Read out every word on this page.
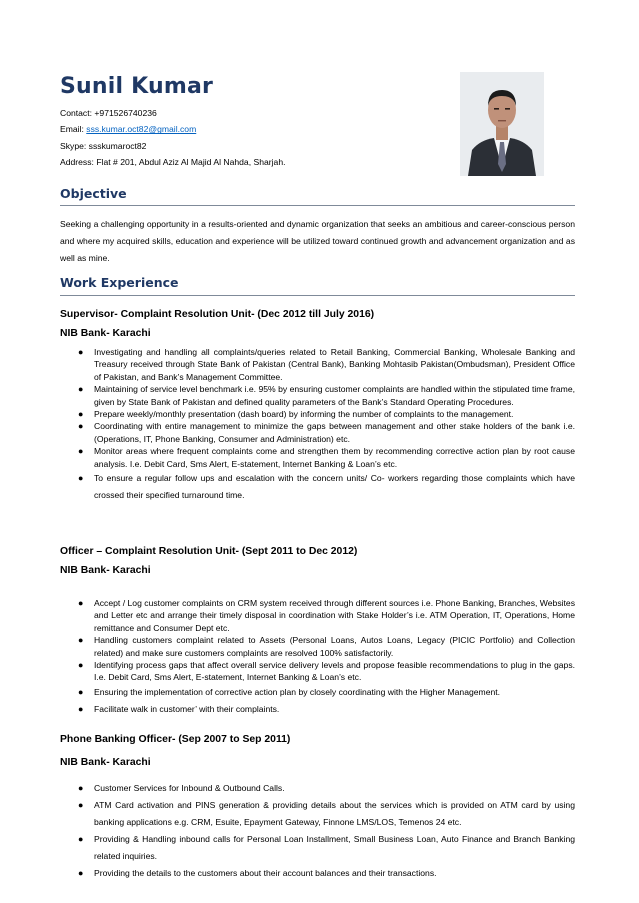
Sunil Kumar
Contact: +971526740236
Email: sss.kumar.oct82@gmail.com
Skype: ssskumaroct82
Address: Flat # 201, Abdul Aziz Al Majid Al Nahda, Sharjah.
Objective
Seeking a challenging opportunity in a results-oriented and dynamic organization that seeks an ambitious and career-conscious person and where my acquired skills, education and experience will be utilized toward continued growth and advancement organization and as well as mine.
Work Experience
Supervisor- Complaint Resolution Unit- (Dec 2012 till July 2016)
NIB Bank- Karachi
● Investigating and handling all complaints/queries related to Retail Banking, Commercial Banking, Wholesale Banking and Treasury received through State Bank of Pakistan (Central Bank), Banking Mohtasib Pakistan(Ombudsman), President Office of Pakistan, and Bank’s Management Committee.
● Maintaining of service level benchmark i.e. 95% by ensuring customer complaints are handled within the stipulated time frame, given by State Bank of Pakistan and defined quality parameters of the Bank’s Standard Operating Procedures.
● Prepare weekly/monthly presentation (dash board) by informing the number of complaints to the management.
● Coordinating with entire management to minimize the gaps between management and other stake holders of the bank i.e. (Operations, IT, Phone Banking, Consumer and Administration) etc.
● Monitor areas where frequent complaints come and strengthen them by recommending corrective action plan by root cause analysis. I.e. Debit Card, Sms Alert, E-statement, Internet Banking & Loan’s etc.
● To ensure a regular follow ups and escalation with the concern units/ Co- workers regarding those complaints which have crossed their specified turnaround time.
Officer – Complaint Resolution Unit- (Sept 2011 to Dec 2012)
NIB Bank- Karachi
● Accept / Log customer complaints on CRM system received through different sources i.e. Phone Banking, Branches, Websites and Letter etc and arrange their timely disposal in coordination with Stake Holder’s i.e. ATM Operation, IT, Operations, Home remittance and Consumer Dept etc.
● Handling customers complaint related to Assets (Personal Loans, Autos Loans, Legacy (PICIC Portfolio) and Collection related) and make sure customers complaints are resolved 100% satisfactorily.
● Identifying process gaps that affect overall service delivery levels and propose feasible recommendations to plug in the gaps. I.e. Debit Card, Sms Alert, E-statement, Internet Banking & Loan’s etc.
● Ensuring the implementation of corrective action plan by closely coordinating with the Higher Management.
● Facilitate walk in customer’ with their complaints.
Phone Banking Officer- (Sep 2007 to Sep 2011)
NIB Bank- Karachi
● Customer Services for Inbound & Outbound Calls.
● ATM Card activation and PINS generation & providing details about the services which is provided on ATM card by using banking applications e.g. CRM, Esuite, Epayment Gateway, Finnone LMS/LOS, Temenos 24 etc.
● Providing & Handling inbound calls for Personal Loan Installment, Small Business Loan, Auto Finance and Branch Banking related inquiries.
● Providing the details to the customers about their account balances and their transactions.
